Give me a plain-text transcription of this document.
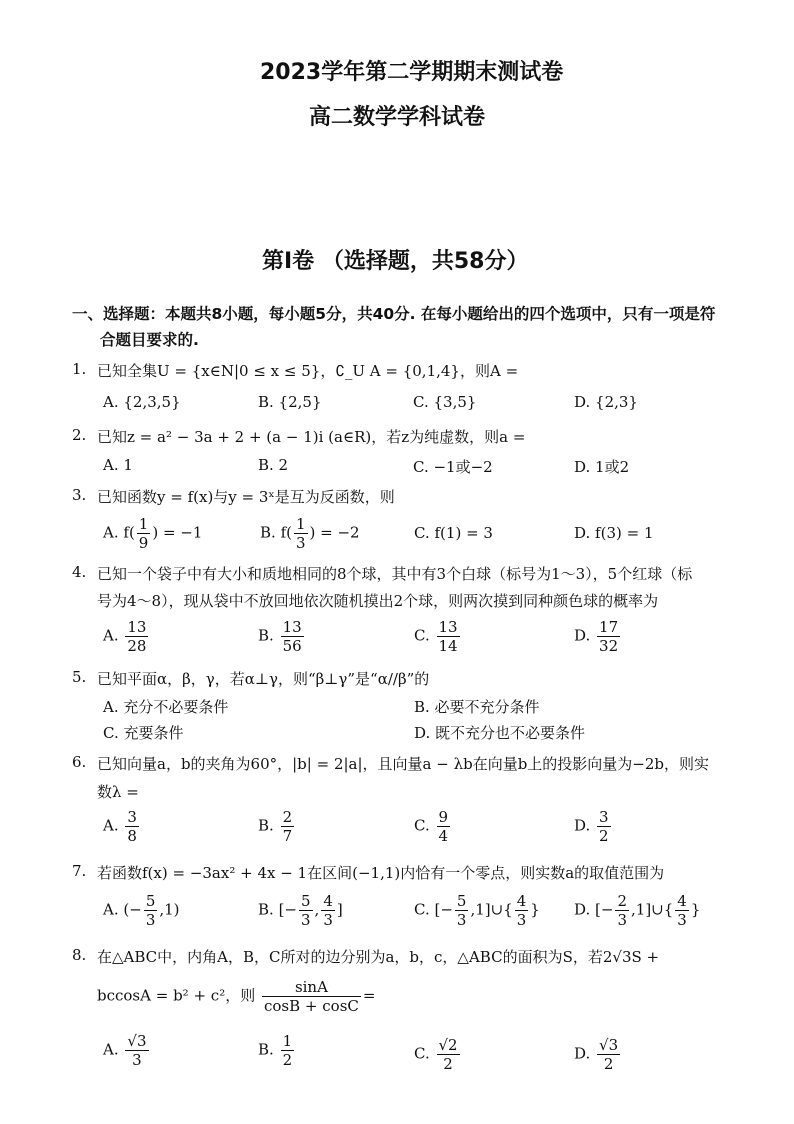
2023学年第二学期期末测试卷
高二数学学科试卷
第Ⅰ卷 （选择题，共58分）
一、选择题：本题共8小题，每小题5分，共40分. 在每小题给出的四个选项中，只有一项是符
合题目要求的.
1. 已知全集U = {x∈N|0 ≤ x ≤ 5}，∁_U A = {0,1,4}，则A =
A. {2,3,5}	B. {2,5}	C. {3,5}	D. {2,3}
2. 已知z = a² − 3a + 2 + (a − 1)i (a∈R)，若z为纯虚数，则a =
A. 1	B. 2	C. −1或−2	D. 1或2
3. 已知函数y = f(x)与y = 3ˣ是互为反函数，则
A. $f( \frac{1}{9}$ ) = −1	B. $f( \frac{1}{3}$ ) = −2	C. f(1) = 3	D. f(3) = 1
4. 已知一个袋子中有大小和质地相同的8个球，其中有3个白球（标号为1～3），5个红球（标
号为4～8），现从袋中不放回地依次随机摸出2个球，则两次摸到同种颜色球的概率为
A. $\frac{13}{28}$	B. $\frac{13}{56}$	C. $\frac{13}{14}$	D. $\frac{17}{32}$
5. 已知平面α，β，γ，若α⊥γ，则“β⊥γ”是“α//β”的
A. 充分不必要条件	B. 必要不充分条件
C. 充要条件	D. 既不充分也不必要条件
6. 已知向量a，b的夹角为60°，|b| = 2|a|，且向量a − λb在向量b上的投影向量为−2b，则实
数λ =
A. $\frac{3}{8}$	B. $\frac{2}{7}$	C. $\frac{9}{4}$	D. $\frac{3}{2}$
7. 若函数f(x) = −3ax² + 4x − 1在区间(−1,1)内恰有一个零点，则实数a的取值范围为
A. (− $\frac{5}{3} ,1$)	B. [− $\frac{5}{3}$ , $\frac{4}{3}$ ]	C. [− $\frac{5}{3}$ ,1]∪{ $\frac{4}{3}$ } D. [− $\frac{2}{3}$ ,1]∪{ $\frac{4}{3}$ }
8. 在△ABC中，内角A，B，C所对的边分别为a，b，c，△ABC的面积为S，若2√3S +
bccosA = b² + c²，则 $\frac{\sin A}{\cos B + \cos C}$ =
A. $\frac{√3}{3}$	B. $\frac{1}{2}$	C. $\frac{√2}{2}$	D. $\frac{√3}{2}$
